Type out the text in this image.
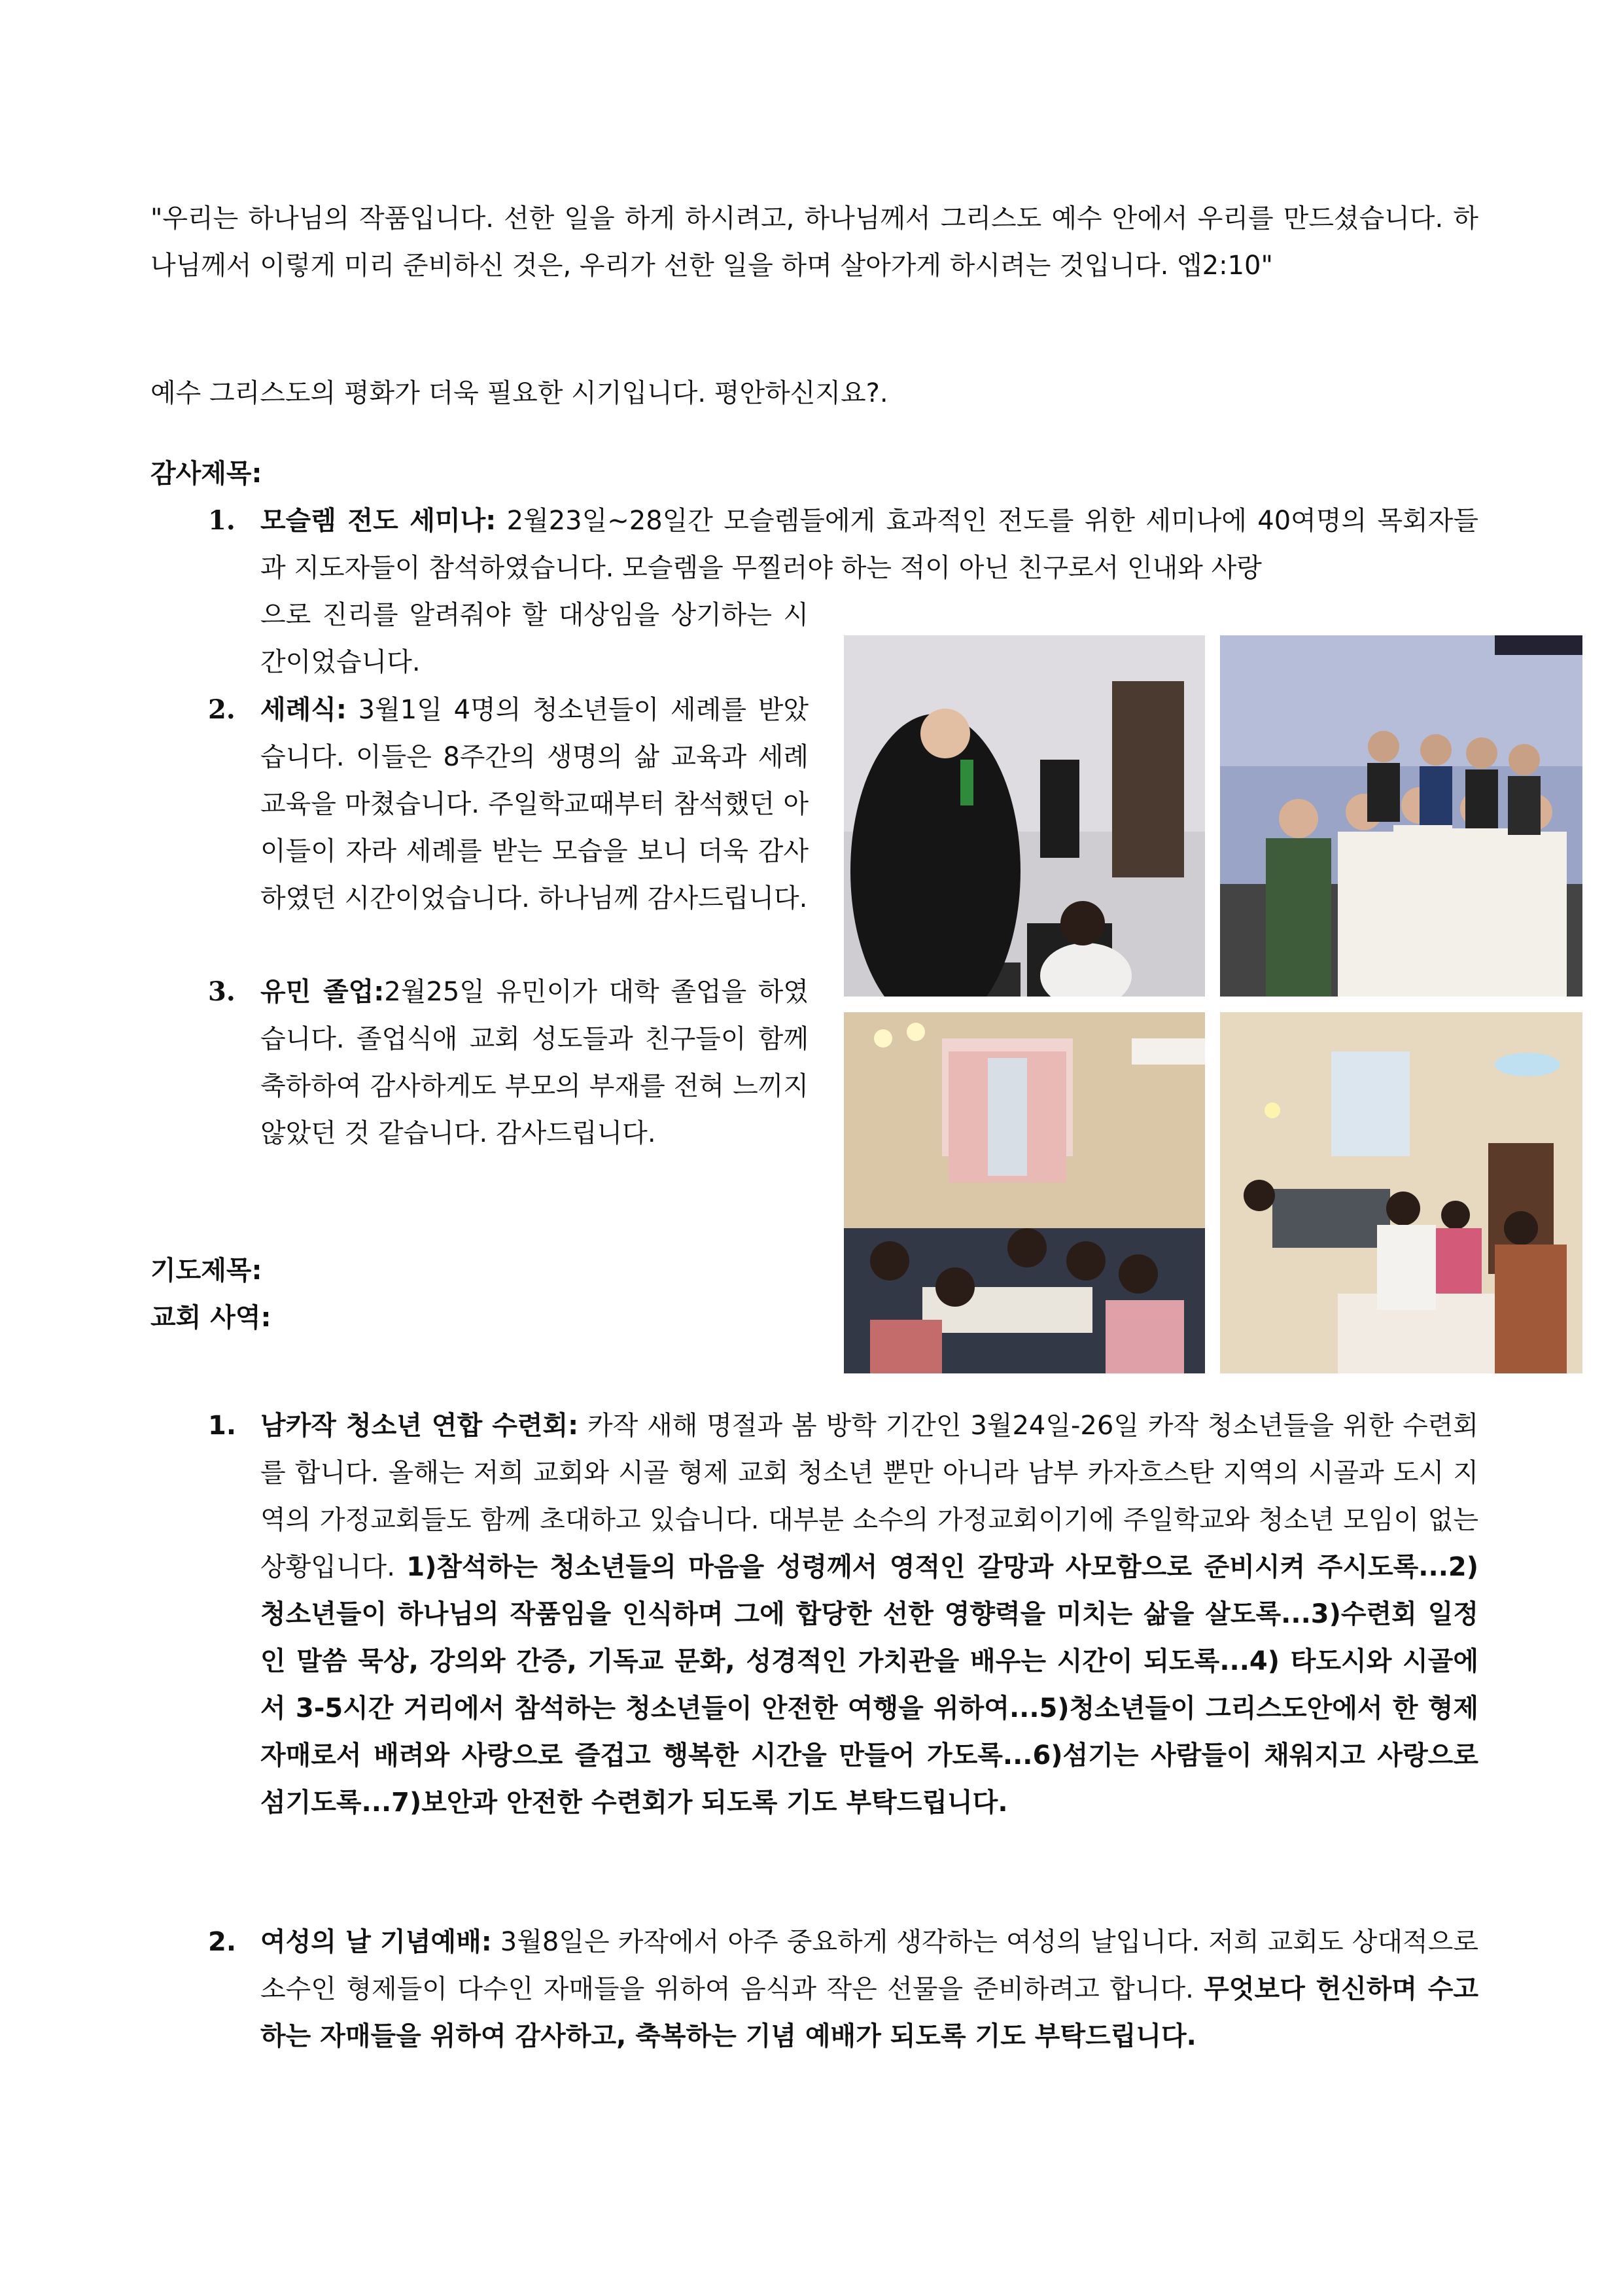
"우리는 하나님의 작품입니다. 선한 일을 하게 하시려고, 하나님께서 그리스도 예수 안에서 우리를 만드셨습니다. 하나님께서 이렇게 미리 준비하신 것은, 우리가 선한 일을 하며 살아가게 하시려는 것입니다. 엡2:10"
예수 그리스도의 평화가 더욱 필요한 시기입니다. 평안하신지요?.
감사제목:
1. 모슬렘 전도 세미나: 2월23일~28일간 모슬렘들에게 효과적인 전도를 위한 세미나에 40여명의 목회자들과 지도자들이 참석하였습니다. 모슬렘을 무찔러야 하는 적이 아닌 친구로서 인내와 사랑
으로 진리를 알려줘야 할 대상임을 상기하는 시간이었습니다.
2. 세례식: 3월1일 4명의 청소년들이 세례를 받았습니다. 이들은 8주간의 생명의 삶 교육과 세례 교육을 마쳤습니다. 주일학교때부터 참석했던 아이들이 자라 세례를 받는 모습을 보니 더욱 감사하였던 시간이었습니다. 하나님께 감사드립니다.
3. 유민 졸업:2월25일 유민이가 대학 졸업을 하였습니다. 졸업식애 교회 성도들과 친구들이 함께 축하하여 감사하게도 부모의 부재를 전혀 느끼지 않았던 것 같습니다. 감사드립니다.
기도제목:
교회 사역:
1. 남카작 청소년 연합 수련회: 카작 새해 명절과 봄 방학 기간인 3월24일-26일 카작 청소년들을 위한 수련회를 합니다. 올해는 저희 교회와 시골 형제 교회 청소년 뿐만 아니라 남부 카자흐스탄 지역의 시골과 도시 지역의 가정교회들도 함께 초대하고 있습니다. 대부분 소수의 가정교회이기에 주일학교와 청소년 모임이 없는 상황입니다. 1)참석하는 청소년들의 마음을 성령께서 영적인 갈망과 사모함으로 준비시켜 주시도록...2) 청소년들이 하나님의 작품임을 인식하며 그에 합당한 선한 영향력을 미치는 삶을 살도록...3)수련회 일정인 말씀 묵상, 강의와 간증, 기독교 문화, 성경적인 가치관을 배우는 시간이 되도록...4) 타도시와 시골에서 3-5시간 거리에서 참석하는 청소년들이 안전한 여행을 위하여...5)청소년들이 그리스도안에서 한 형제 자매로서 배려와 사랑으로 즐겁고 행복한 시간을 만들어 가도록...6)섬기는 사람들이 채워지고 사랑으로 섬기도록...7)보안과 안전한 수련회가 되도록 기도 부탁드립니다.
2. 여성의 날 기념예배: 3월8일은 카작에서 아주 중요하게 생각하는 여성의 날입니다. 저희 교회도 상대적으로 소수인 형제들이 다수인 자매들을 위하여 음식과 작은 선물을 준비하려고 합니다. 무엇보다 헌신하며 수고하는 자매들을 위하여 감사하고, 축복하는 기념 예배가 되도록 기도 부탁드립니다.
